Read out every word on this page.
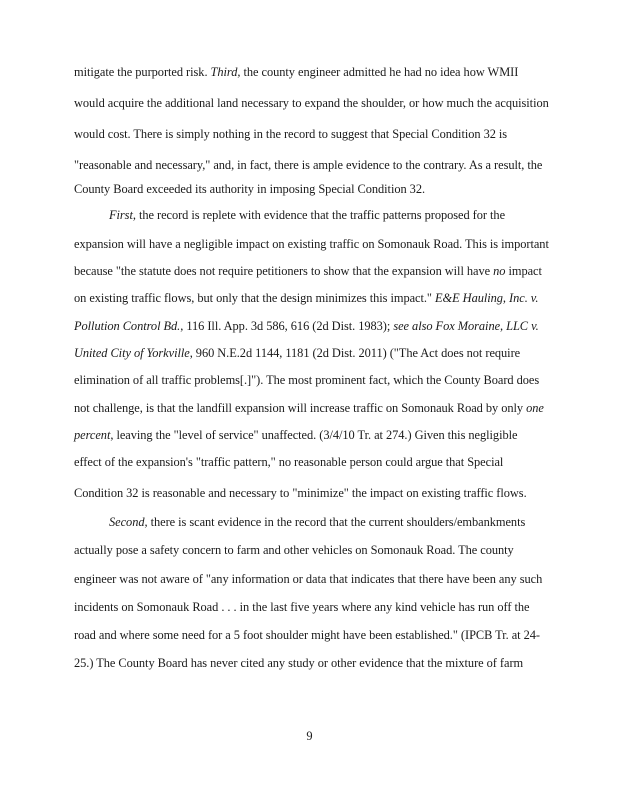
mitigate the purported risk. Third, the county engineer admitted he had no idea how WMII
would acquire the additional land necessary to expand the shoulder, or how much the acquisition
would cost. There is simply nothing in the record to suggest that Special Condition 32 is
"reasonable and necessary," and, in fact, there is ample evidence to the contrary. As a result, the
County Board exceeded its authority in imposing Special Condition 32.
First, the record is replete with evidence that the traffic patterns proposed for the
expansion will have a negligible impact on existing traffic on Somonauk Road. This is important
because "the statute does not require petitioners to show that the expansion will have no impact
on existing traffic flows, but only that the design minimizes this impact." E&E Hauling, Inc. v.
Pollution Control Bd., 116 Ill. App. 3d 586, 616 (2d Dist. 1983); see also Fox Moraine, LLC v.
United City of Yorkville, 960 N.E.2d 1144, 1181 (2d Dist. 2011) ("The Act does not require
elimination of all traffic problems[.]"). The most prominent fact, which the County Board does
not challenge, is that the landfill expansion will increase traffic on Somonauk Road by only one
percent, leaving the "level of service" unaffected. (3/4/10 Tr. at 274.) Given this negligible
effect of the expansion's "traffic pattern," no reasonable person could argue that Special
Condition 32 is reasonable and necessary to "minimize" the impact on existing traffic flows.
Second, there is scant evidence in the record that the current shoulders/embankments
actually pose a safety concern to farm and other vehicles on Somonauk Road. The county
engineer was not aware of "any information or data that indicates that there have been any such
incidents on Somonauk Road . . . in the last five years where any kind vehicle has run off the
road and where some need for a 5 foot shoulder might have been established." (IPCB Tr. at 24-
25.) The County Board has never cited any study or other evidence that the mixture of farm
9
